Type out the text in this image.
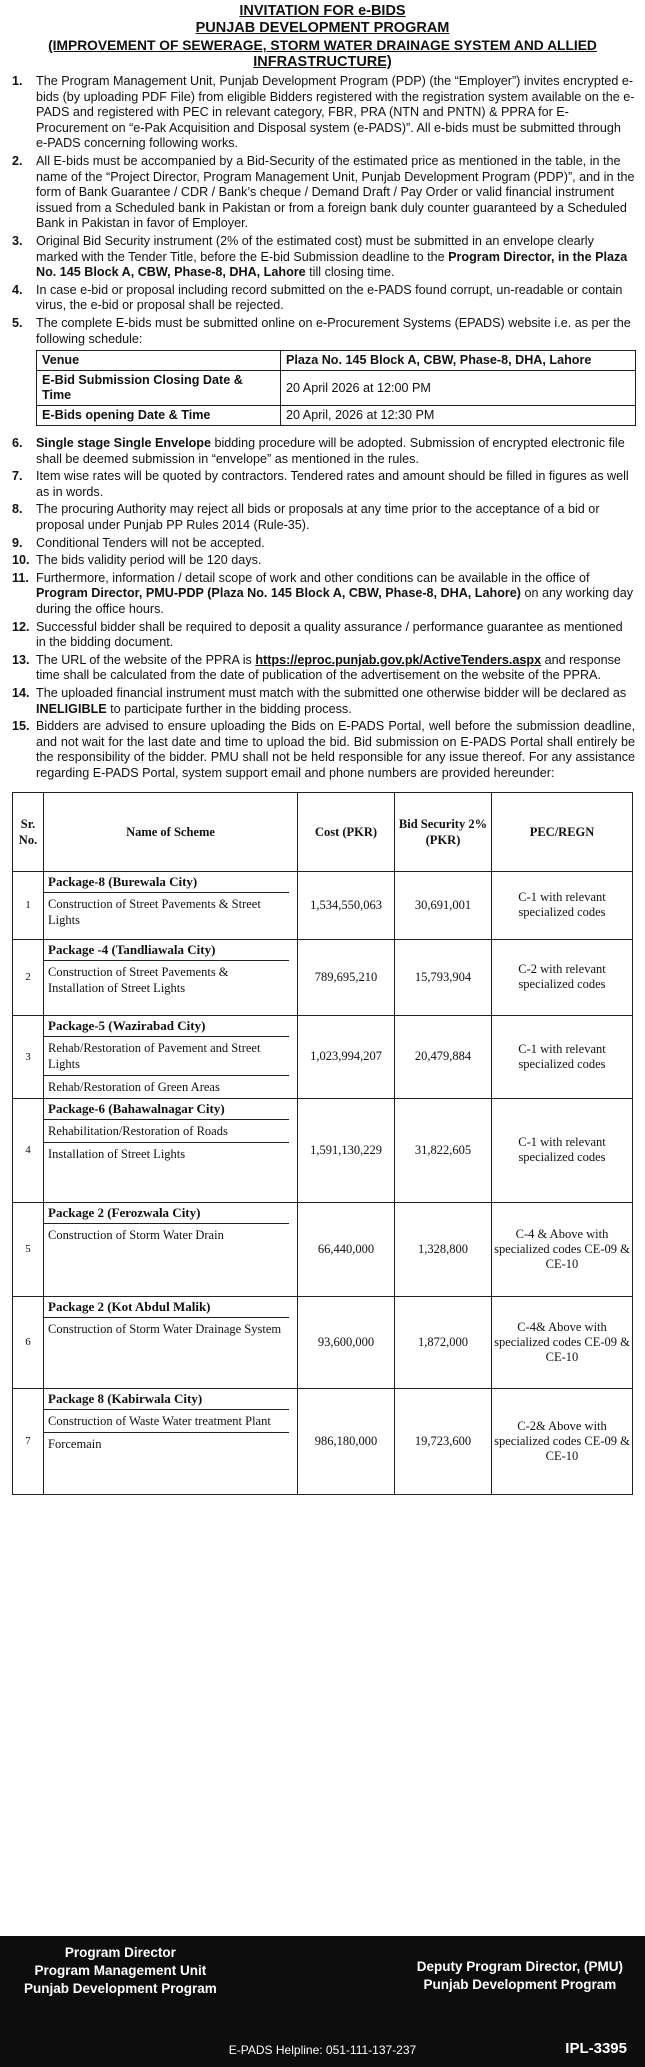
INVITATION FOR e-BIDS
PUNJAB DEVELOPMENT PROGRAM
(IMPROVEMENT OF SEWERAGE, STORM WATER DRAINAGE SYSTEM AND ALLIED
INFRASTRUCTURE)
1.	The Program Management Unit, Punjab Development Program (PDP) (the “Employer”) invites encrypted e-bids (by uploading PDF File) from eligible Bidders registered with the registration system available on the e-PADS and registered with PEC in relevant category, FBR, PRA (NTN and PNTN) & PPRA for E-Procurement on “e-Pak Acquisition and Disposal system (e-PADS)”. All e-bids must be submitted through e-PADS concerning following works.
2.	All E-bids must be accompanied by a Bid-Security of the estimated price as mentioned in the table, in the name of the “Project Director, Program Management Unit, Punjab Development Program (PDP)”, and in the form of Bank Guarantee / CDR / Bank’s cheque / Demand Draft / Pay Order or valid financial instrument issued from a Scheduled bank in Pakistan or from a foreign bank duly counter guaranteed by a Scheduled Bank in Pakistan in favor of Employer.
3.	Original Bid Security instrument (2% of the estimated cost) must be submitted in an envelope clearly marked with the Tender Title, before the E-bid Submission deadline to the Program Director, in the Plaza No. 145 Block A, CBW, Phase-8, DHA, Lahore till closing time.
4.	In case e-bid or proposal including record submitted on the e-PADS found corrupt, un-readable or contain virus, the e-bid or proposal shall be rejected.
5.	The complete E-bids must be submitted online on e-Procurement Systems (EPADS) website i.e. as per the following schedule:
Venue	Plaza No. 145 Block A, CBW, Phase-8, DHA, Lahore
E-Bid Submission Closing Date & Time	20 April 2026 at 12:00 PM
E-Bids opening Date & Time	20 April, 2026 at 12:30 PM
6.	Single stage Single Envelope bidding procedure will be adopted. Submission of encrypted electronic file shall be deemed submission in “envelope” as mentioned in the rules.
7.	Item wise rates will be quoted by contractors. Tendered rates and amount should be filled in figures as well as in words.
8.	The procuring Authority may reject all bids or proposals at any time prior to the acceptance of a bid or proposal under Punjab PP Rules 2014 (Rule-35).
9.	Conditional Tenders will not be accepted.
10. The bids validity period will be 120 days.
11. Furthermore, information / detail scope of work and other conditions can be available in the office of Program Director, PMU-PDP (Plaza No. 145 Block A, CBW, Phase-8, DHA, Lahore) on any working day during the office hours.
12. Successful bidder shall be required to deposit a quality assurance / performance guarantee as mentioned in the bidding document.
13. The URL of the website of the PPRA is https://eproc.punjab.gov.pk/ActiveTenders.aspx and response time shall be calculated from the date of publication of the advertisement on the website of the PPRA.
14. The uploaded financial instrument must match with the submitted one otherwise bidder will be declared as INELIGIBLE to participate further in the bidding process.
15. Bidders are advised to ensure uploading the Bids on E-PADS Portal, well before the submission deadline, and not wait for the last date and time to upload the bid. Bid submission on E-PADS Portal shall entirely be the responsibility of the bidder. PMU shall not be held responsible for any issue thereof. For any assistance regarding E-PADS Portal, system support email and phone numbers are provided hereunder:
Sr. No.	Name of Scheme	Cost (PKR)	Bid Security 2% (PKR)	PEC/REGN
1	Package-8 (Burewala City)
Construction of Street Pavements & Street Lights	1,534,550,063	30,691,001	C-1 with relevant specialized codes
2	Package -4 (Tandliawala City)
Construction of Street Pavements & Installation of Street Lights	789,695,210	15,793,904	C-2 with relevant specialized codes
3	Package-5 (Wazirabad City)
Rehab/Restoration of Pavement and Street Lights
Rehab/Restoration of Green Areas	1,023,994,207	20,479,884	C-1 with relevant specialized codes
4	Package-6 (Bahawalnagar City)
Rehabilitation/Restoration of Roads
Installation of Street Lights	1,591,130,229	31,822,605	C-1 with relevant specialized codes
5	Package 2 (Ferozwala City)
Construction of Storm Water Drain	66,440,000	1,328,800	C-4 & Above with specialized codes CE-09 & CE-10
6	Package 2 (Kot Abdul Malik)
Construction of Storm Water Drainage System	93,600,000	1,872,000	C-4& Above with specialized codes CE-09 & CE-10
7	Package 8 (Kabirwala City)
Construction of Waste Water treatment Plant
Forcemain	986,180,000	19,723,600	C-2& Above with specialized codes CE-09 & CE-10
Program Director
Program Management Unit
Punjab Development Program
Deputy Program Director, (PMU)
Punjab Development Program
E-PADS Helpline: 051-111-137-237	IPL-3395
